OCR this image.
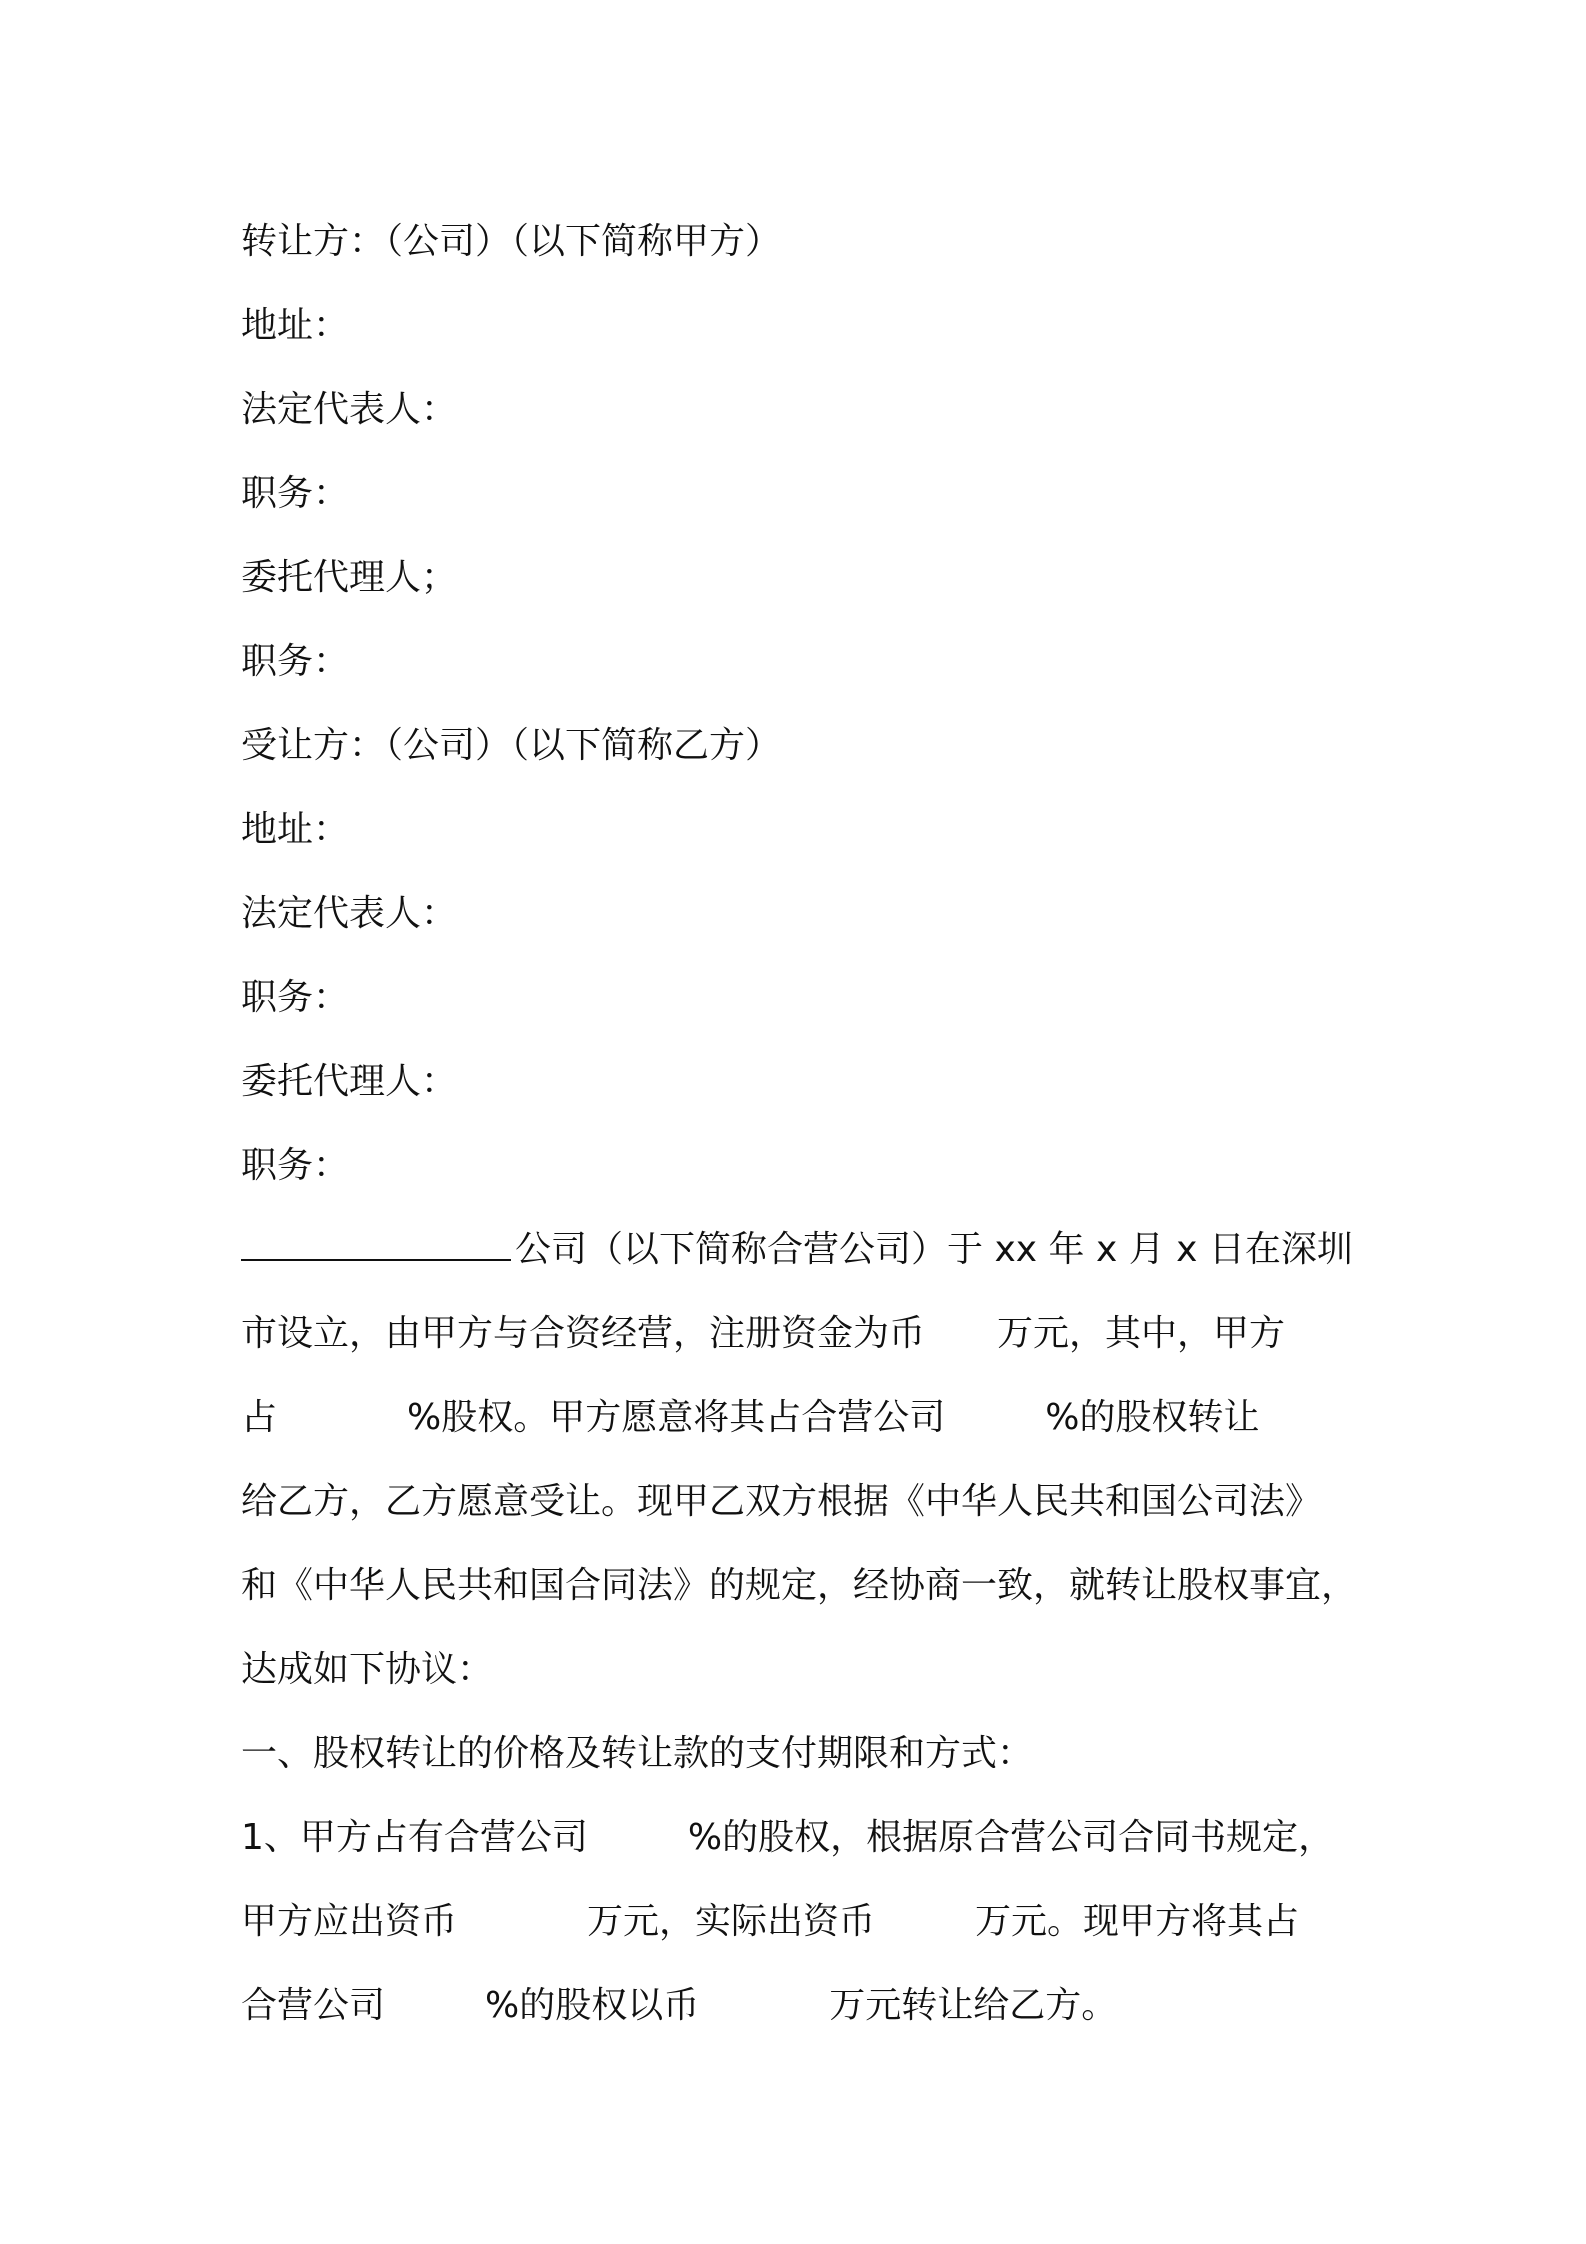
转让方：（公司）（以下简称甲方）

地址：

法定代表人：

职务：

委托代理人；

职务：

受让方：（公司）（以下简称乙方）

地址：

法定代表人：

职务：

委托代理人：

职务：

公司（以下简称合营公司）于 xx 年 x 月 x 日在深圳

市设立，由甲方与合资经营，注册资金为币 万元，其中，甲方

占	%股权。甲方愿意将其占合营公司	%的股权转让

给乙方，乙方愿意受让。现甲乙双方根据《中华人民共和国公司法》

和《中华人民共和国合同法》的规定，经协商一致，就转让股权事宜，

达成如下协议：

一、股权转让的价格及转让款的支付期限和方式：

1、甲方占有合营公司	%的股权，根据原合营公司合同书规定，

甲方应出资币	万元，实际出资币	万元。现甲方将其占

合营公司	%的股权以币	万元转让给乙方。
